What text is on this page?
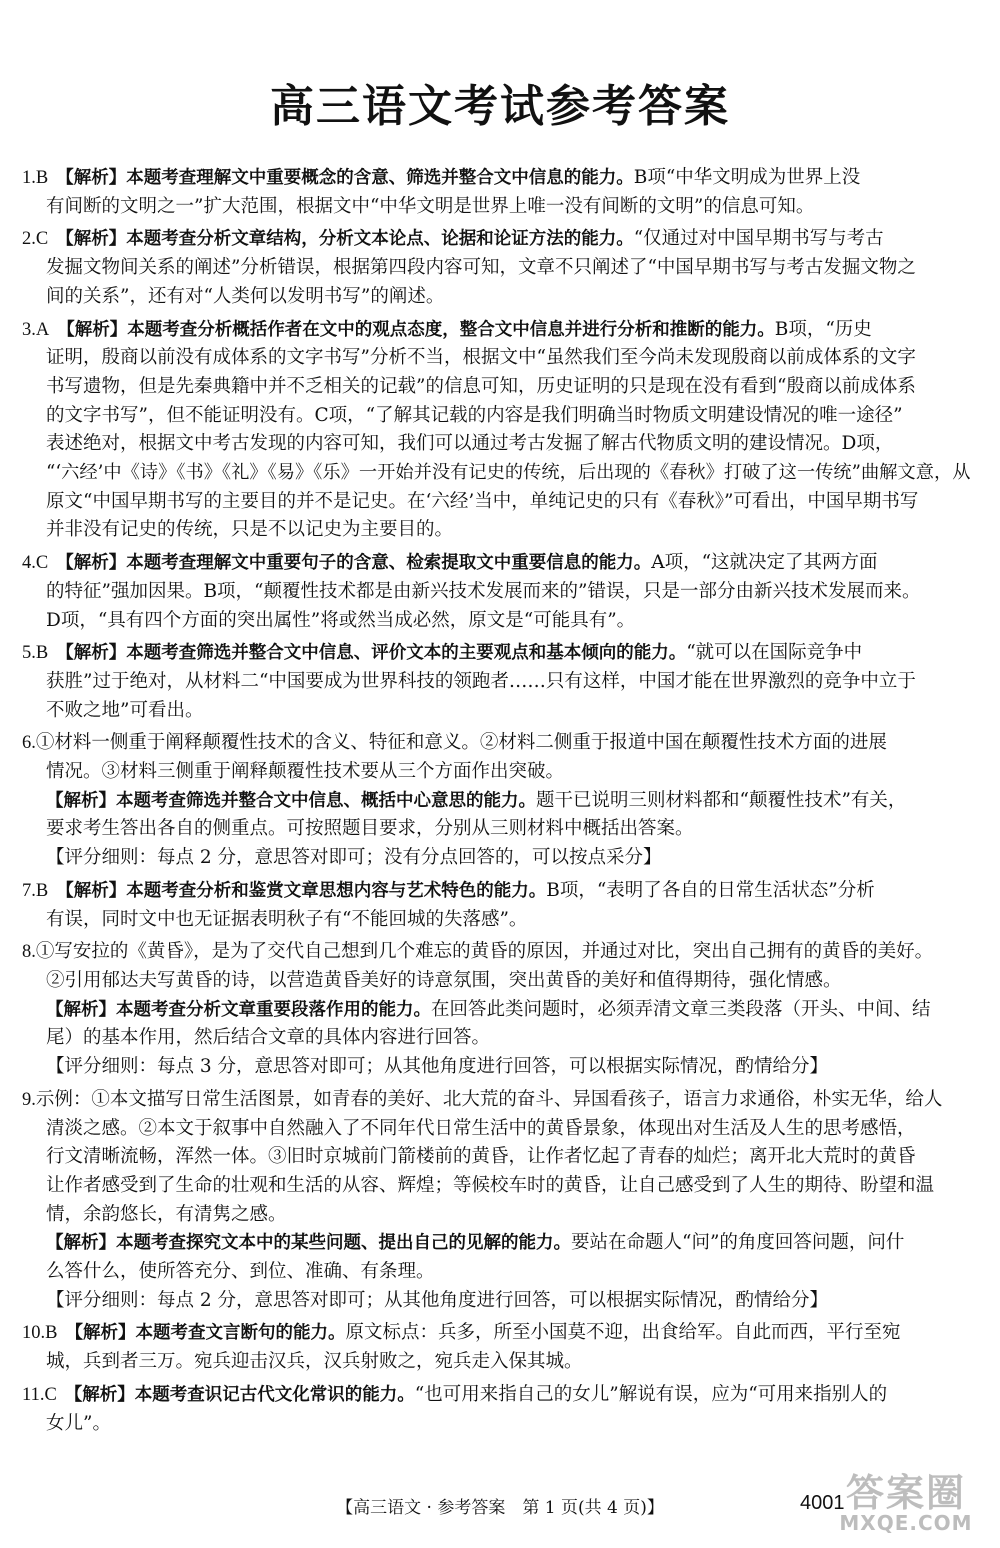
高三语文考试参考答案
1.B 【解析】本题考查理解文中重要概念的含意、筛选并整合文中信息的能力。B项“中华文明成为世界上没
有间断的文明之一”扩大范围，根据文中“中华文明是世界上唯一没有间断的文明”的信息可知。
2.C 【解析】本题考查分析文章结构，分析文本论点、论据和论证方法的能力。“仅通过对中国早期书写与考古
发掘文物间关系的阐述”分析错误，根据第四段内容可知，文章不只阐述了“中国早期书写与考古发掘文物之
间的关系”，还有对“人类何以发明书写”的阐述。
3.A 【解析】本题考查分析概括作者在文中的观点态度，整合文中信息并进行分析和推断的能力。B项，“历史
证明，殷商以前没有成体系的文字书写”分析不当，根据文中“虽然我们至今尚未发现殷商以前成体系的文字
书写遗物，但是先秦典籍中并不乏相关的记载”的信息可知，历史证明的只是现在没有看到“殷商以前成体系
的文字书写”，但不能证明没有。C项，“了解其记载的内容是我们明确当时物质文明建设情况的唯一途径”
表述绝对，根据文中考古发现的内容可知，我们可以通过考古发掘了解古代物质文明的建设情况。D项，
“‘六经’中《诗》《书》《礼》《易》《乐》一开始并没有记史的传统，后出现的《春秋》打破了这一传统”曲解文意，从
原文“中国早期书写的主要目的并不是记史。在‘六经’当中，单纯记史的只有《春秋》”可看出，中国早期书写
并非没有记史的传统，只是不以记史为主要目的。
4.C 【解析】本题考查理解文中重要句子的含意、检索提取文中重要信息的能力。A项，“这就决定了其两方面
的特征”强加因果。B项，“颠覆性技术都是由新兴技术发展而来的”错误，只是一部分由新兴技术发展而来。
D项，“具有四个方面的突出属性”将或然当成必然，原文是“可能具有”。
5.B 【解析】本题考查筛选并整合文中信息、评价文本的主要观点和基本倾向的能力。“就可以在国际竞争中
获胜”过于绝对，从材料二“中国要成为世界科技的领跑者……只有这样，中国才能在世界激烈的竞争中立于
不败之地”可看出。
6.①材料一侧重于阐释颠覆性技术的含义、特征和意义。②材料二侧重于报道中国在颠覆性技术方面的进展
情况。③材料三侧重于阐释颠覆性技术要从三个方面作出突破。
【解析】本题考查筛选并整合文中信息、概括中心意思的能力。题干已说明三则材料都和“颠覆性技术”有关，
要求考生答出各自的侧重点。可按照题目要求，分别从三则材料中概括出答案。
【评分细则：每点 2 分，意思答对即可；没有分点回答的，可以按点采分】
7.B 【解析】本题考查分析和鉴赏文章思想内容与艺术特色的能力。B项，“表明了各自的日常生活状态”分析
有误，同时文中也无证据表明秋子有“不能回城的失落感”。
8.①写安拉的《黄昏》，是为了交代自己想到几个难忘的黄昏的原因，并通过对比，突出自己拥有的黄昏的美好。
②引用郁达夫写黄昏的诗，以营造黄昏美好的诗意氛围，突出黄昏的美好和值得期待，强化情感。
【解析】本题考查分析文章重要段落作用的能力。在回答此类问题时，必须弄清文章三类段落（开头、中间、结
尾）的基本作用，然后结合文章的具体内容进行回答。
【评分细则：每点 3 分，意思答对即可；从其他角度进行回答，可以根据实际情况，酌情给分】
9.示例：①本文描写日常生活图景，如青春的美好、北大荒的奋斗、异国看孩子，语言力求通俗，朴实无华，给人
清淡之感。②本文于叙事中自然融入了不同年代日常生活中的黄昏景象，体现出对生活及人生的思考感悟，
行文清晰流畅，浑然一体。③旧时京城前门箭楼前的黄昏，让作者忆起了青春的灿烂；离开北大荒时的黄昏
让作者感受到了生命的壮观和生活的从容、辉煌；等候校车时的黄昏，让自己感受到了人生的期待、盼望和温
情，余韵悠长，有清隽之感。
【解析】本题考查探究文本中的某些问题、提出自己的见解的能力。要站在命题人“问”的角度回答问题，问什
么答什么，使所答充分、到位、准确、有条理。
【评分细则：每点 2 分，意思答对即可；从其他角度进行回答，可以根据实际情况，酌情给分】
10.B 【解析】本题考查文言断句的能力。原文标点：兵多，所至小国莫不迎，出食给军。自此而西，平行至宛
城，兵到者三万。宛兵迎击汉兵，汉兵射败之，宛兵走入保其城。
11.C 【解析】本题考查识记古代文化常识的能力。“也可用来指自己的女儿”解说有误，应为“可用来指别人的
女儿”。
【高三语文 · 参考答案　第 1 页(共 4 页)】	4001 答案圈
MXQE.COM
